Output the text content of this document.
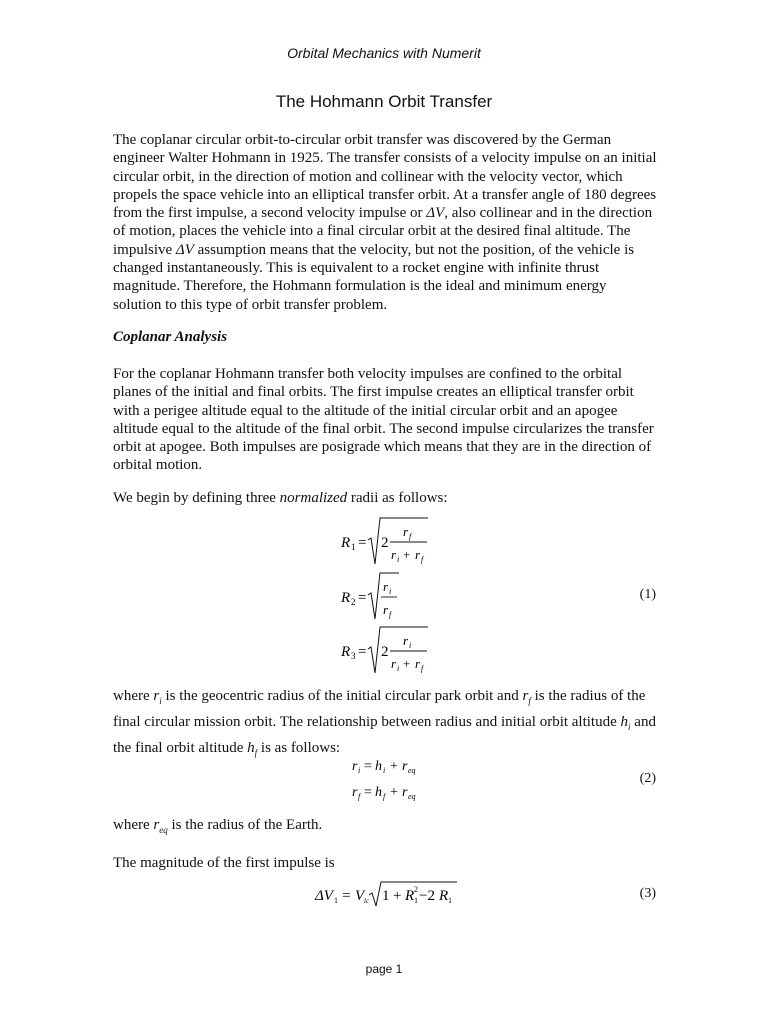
Orbital Mechanics with Numerit
The Hohmann Orbit Transfer
The coplanar circular orbit-to-circular orbit transfer was discovered by the German engineer Walter Hohmann in 1925. The transfer consists of a velocity impulse on an initial circular orbit, in the direction of motion and collinear with the velocity vector, which propels the space vehicle into an elliptical transfer orbit. At a transfer angle of 180 degrees from the first impulse, a second velocity impulse or ΔV, also collinear and in the direction of motion, places the vehicle into a final circular orbit at the desired final altitude. The impulsive ΔV assumption means that the velocity, but not the position, of the vehicle is changed instantaneously. This is equivalent to a rocket engine with infinite thrust magnitude. Therefore, the Hohmann formulation is the ideal and minimum energy solution to this type of orbit transfer problem.
Coplanar Analysis
For the coplanar Hohmann transfer both velocity impulses are confined to the orbital planes of the initial and final orbits. The first impulse creates an elliptical transfer orbit with a perigee altitude equal to the altitude of the initial circular orbit and an apogee altitude equal to the altitude of the final orbit. The second impulse circularizes the transfer orbit at apogee. Both impulses are posigrade which means that they are in the direction of orbital motion.
We begin by defining three normalized radii as follows:
R 1 = 2
r f
r i + r f
R 2 =
r i
r f
R 3 = 2
r i
r i + r f
(1)
where $r_i$ is the geocentric radius of the initial circular park orbit and $r_f$ is the radius of the final circular mission orbit. The relationship between radius and initial orbit altitude $h_i$ and the final orbit altitude $h_f$ is as follows:
r i = h i + r eq
r f = h f + r eq
(2)
where $r_{eq}$ is the radius of the Earth.
The magnitude of the first impulse is
ΔV 1 = V lc 1 + R 2
1 −2 R 1	(3)
page 1
